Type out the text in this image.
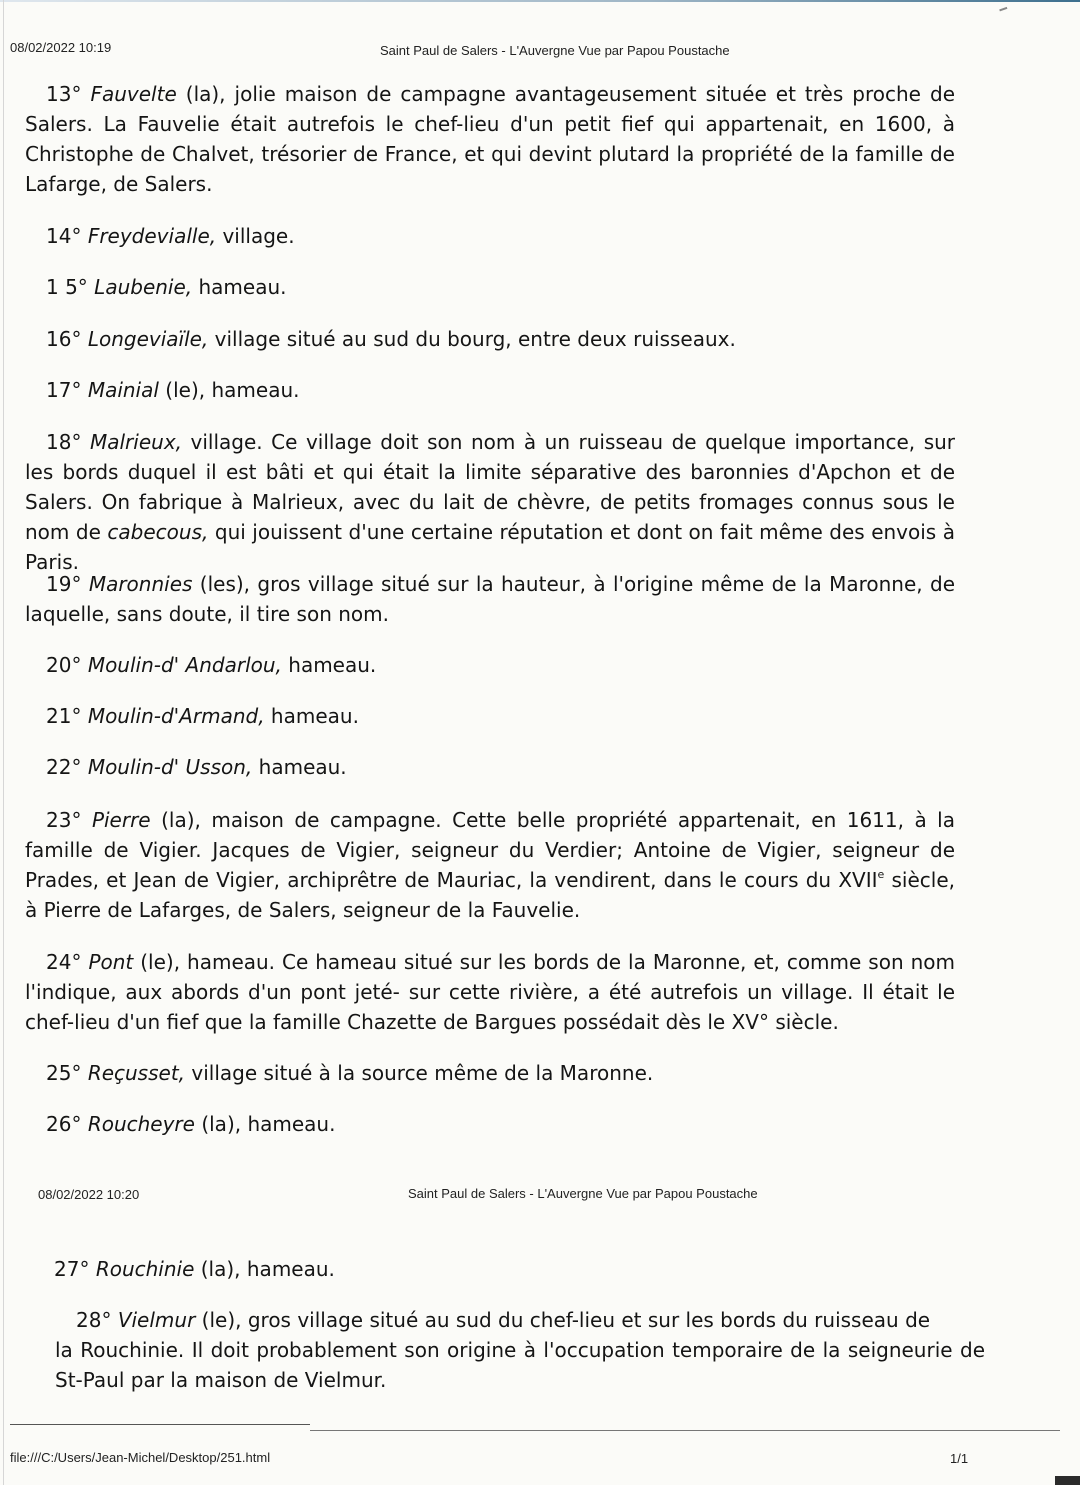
08/02/2022 10:19	Saint Paul de Salers - L'Auvergne Vue par Papou Poustache

13° Fauvelte (la), jolie maison de campagne avantageusement située et très proche de Salers. La Fauvelie était autrefois le chef-lieu d'un petit fief qui appartenait, en 1600, à Christophe de Chalvet, trésorier de France, et qui devint plutard la propriété de la famille de Lafarge, de Salers.

14° Freydevialle, village.

1 5° Laubenie, hameau.

16° Longeviaïle, village situé au sud du bourg, entre deux ruisseaux.

17° Mainial (le), hameau.

18° Malrieux, village. Ce village doit son nom à un ruisseau de quelque importance, sur les bords duquel il est bâti et qui était la limite séparative des baronnies d'Apchon et de Salers. On fabrique à Malrieux, avec du lait de chèvre, de petits fromages connus sous le nom de cabecous, qui jouissent d'une certaine réputation et dont on fait même des envois à Paris.

19° Maronnies (les), gros village situé sur la hauteur, à l'origine même de la Maronne, de laquelle, sans doute, il tire son nom.

20° Moulin-d' Andarlou, hameau.

21° Moulin-d'Armand, hameau.

22° Moulin-d' Usson, hameau.

23° Pierre (la), maison de campagne. Cette belle propriété appartenait, en 1611, à la famille de Vigier. Jacques de Vigier, seigneur du Verdier; Antoine de Vigier, seigneur de Prades, et Jean de Vigier, archiprêtre de Mauriac, la vendirent, dans le cours du XVIIe siècle, à Pierre de Lafarges, de Salers, seigneur de la Fauvelie.

24° Pont (le), hameau. Ce hameau situé sur les bords de la Maronne, et, comme son nom l'indique, aux abords d'un pont jeté- sur cette rivière, a été autrefois un village. Il était le chef-lieu d'un fief que la famille Chazette de Bargues possédait dès le XV° siècle.

25° Reçusset, village situé à la source même de la Maronne.

26° Roucheyre (la), hameau.

08/02/2022 10:20	Saint Paul de Salers - L'Auvergne Vue par Papou Poustache

27° Rouchinie (la), hameau.

28° Vielmur (le), gros village situé au sud du chef-lieu et sur les bords du ruisseau de

la Rouchinie. Il doit probablement son origine à l'occupation temporaire de la seigneurie de St-Paul par la maison de Vielmur.

file:///C:/Users/Jean-Michel/Desktop/251.html	1/1
